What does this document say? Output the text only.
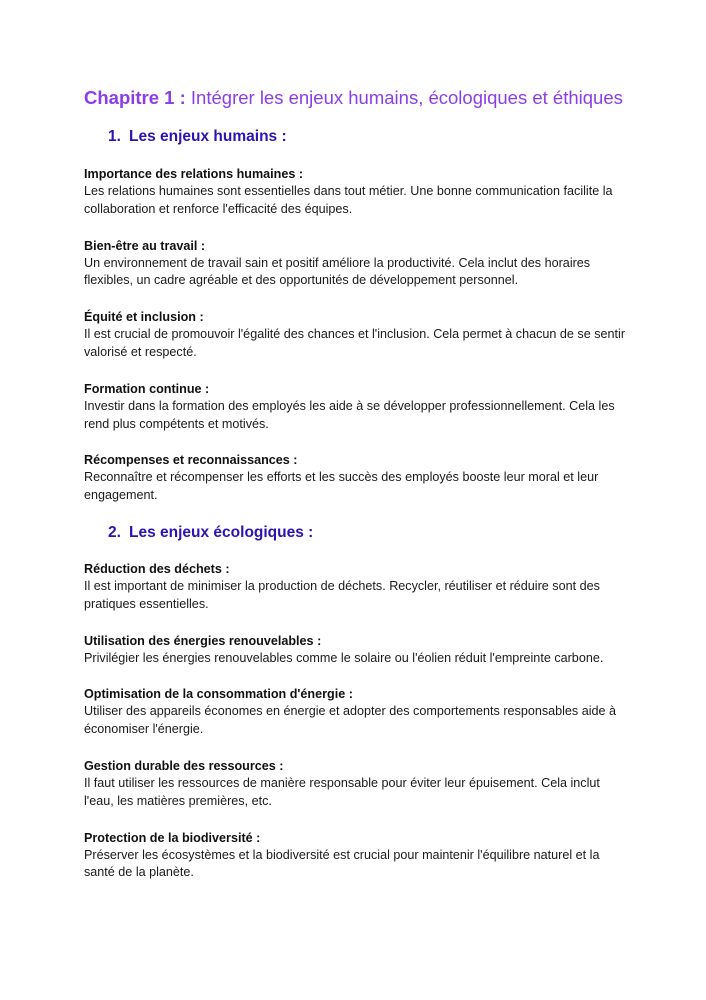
Chapitre 1 : Intégrer les enjeux humains, écologiques et éthiques
1. Les enjeux humains :
Importance des relations humaines :
Les relations humaines sont essentielles dans tout métier. Une bonne communication facilite la collaboration et renforce l'efficacité des équipes.
Bien-être au travail :
Un environnement de travail sain et positif améliore la productivité. Cela inclut des horaires flexibles, un cadre agréable et des opportunités de développement personnel.
Équité et inclusion :
Il est crucial de promouvoir l'égalité des chances et l'inclusion. Cela permet à chacun de se sentir valorisé et respecté.
Formation continue :
Investir dans la formation des employés les aide à se développer professionnellement. Cela les rend plus compétents et motivés.
Récompenses et reconnaissances :
Reconnaître et récompenser les efforts et les succès des employés booste leur moral et leur engagement.
2. Les enjeux écologiques :
Réduction des déchets :
Il est important de minimiser la production de déchets. Recycler, réutiliser et réduire sont des pratiques essentielles.
Utilisation des énergies renouvelables :
Privilégier les énergies renouvelables comme le solaire ou l'éolien réduit l'empreinte carbone.
Optimisation de la consommation d'énergie :
Utiliser des appareils économes en énergie et adopter des comportements responsables aide à économiser l'énergie.
Gestion durable des ressources :
Il faut utiliser les ressources de manière responsable pour éviter leur épuisement. Cela inclut l'eau, les matières premières, etc.
Protection de la biodiversité :
Préserver les écosystèmes et la biodiversité est crucial pour maintenir l'équilibre naturel et la santé de la planète.
